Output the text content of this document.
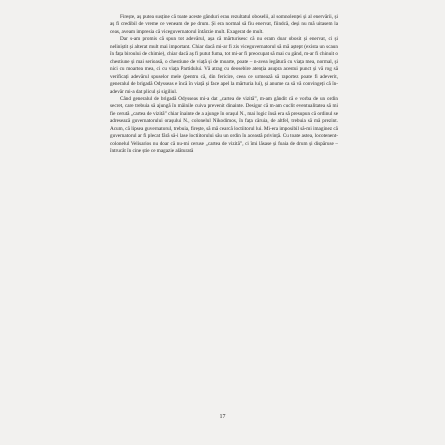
Firește, aș putea susține că toate aceste gânduri erau rezultatul oboselii, al somnolenței și al enervării, și aș fi credibil de vreme ce veneam de pe drum. Și era normal să fiu enervat, fiindcă, deși nu mă uitasem la ceas, aveam impresia că viceguvernatorul întârzie mult. Exagerat de mult.

Dar s-am promis că spun tot adevărul, așa că mărturisesc că nu eram doar obosit și enervat, ci și neliniștit și alterat mult mai important. Chiar dacă mi-ar fi zis viceguvernatorul să mă aștept (exista un scaun în fața biroului de chimie), chiar dacă aș fi putut fuma, tot mi-ar fi preocupat să mai cu gând, m-ar fi chinuit o chestiune și mai serioasă, o chestiune de viață și de moarte, poate – n-avea legătură cu viața mea, normal, și nici cu moartea mea, ci cu viața Partidului. Vă atrag cu deosebire atenția asupra acestui punct și vă rog să verificați adevărul spuselor mele (pentru că, din fericire, ceea ce urmează să raportez poate fi adeverit, generalul de brigadă Odysseas e încă în viață și face apel la mărturia lui), și anume ca să vă convingeți că în-adevăr mi-a dat plicul și sigiliul.

Când generalul de brigadă Odysseas mi-a dat „cartea de vizită”, m-am gândit că e vorba de un ordin secret, care trebuia să ajungă în mâinile cuiva prevenit dinainte. Desigur că m-am cuclit eventualitatea să mi fie cerută „cartea de vizită” chiar înainte de a ajunge în orașul N., mai logic însă era să presupun că ordinul se adresează guvernatorului orașului N., colonelul Nikodimos, în fața căruia, de altfel, trebuia să mă prezint. Acum, că lipsea guvernatorul, trebuia, firește, să mă cearcă loctiitorul lui. Mi-era imposibil să-mi imaginez că guvernatorul ar fi plecat fără să-i lase loctiitorului său un ordin în această privință. Cu toate astea, locotenent-colonelul Velisarios nu doar că nu-mi ceruse „cartea de vizită”, ci îmi lăsase și foaia de drum și dispăruse – întrucât în cine știe ce magazie alăturată

17
